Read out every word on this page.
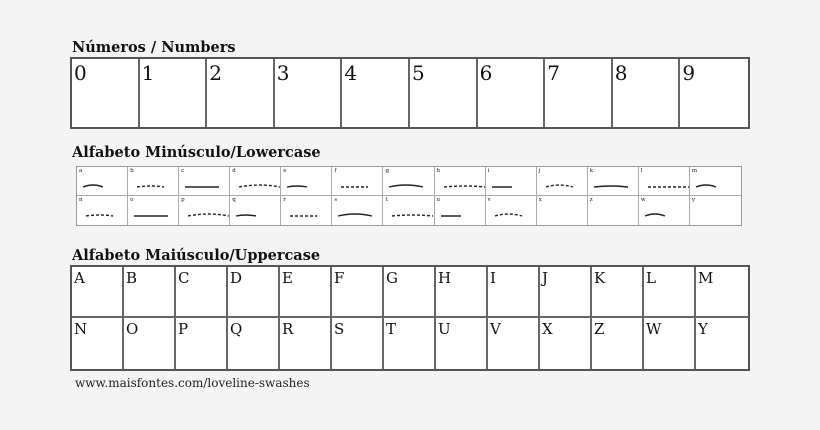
Números / Numbers
0	1	2	3	4	5	6	7	8	9
Alfabeto Minúsculo/Lowercase
a	b	c	d	e	f	g	h	i	j	k	l	m
n	o	p	q	r	s	t	u	v	x	z	w	y
Alfabeto Maiúsculo/Uppercase
A	B	C	D	E	F	G	H	I	J	K	L	M
N	O	P	Q	R	S	T	U	V	X	Z	W	Y
www.maisfontes.com/loveline-swashes
